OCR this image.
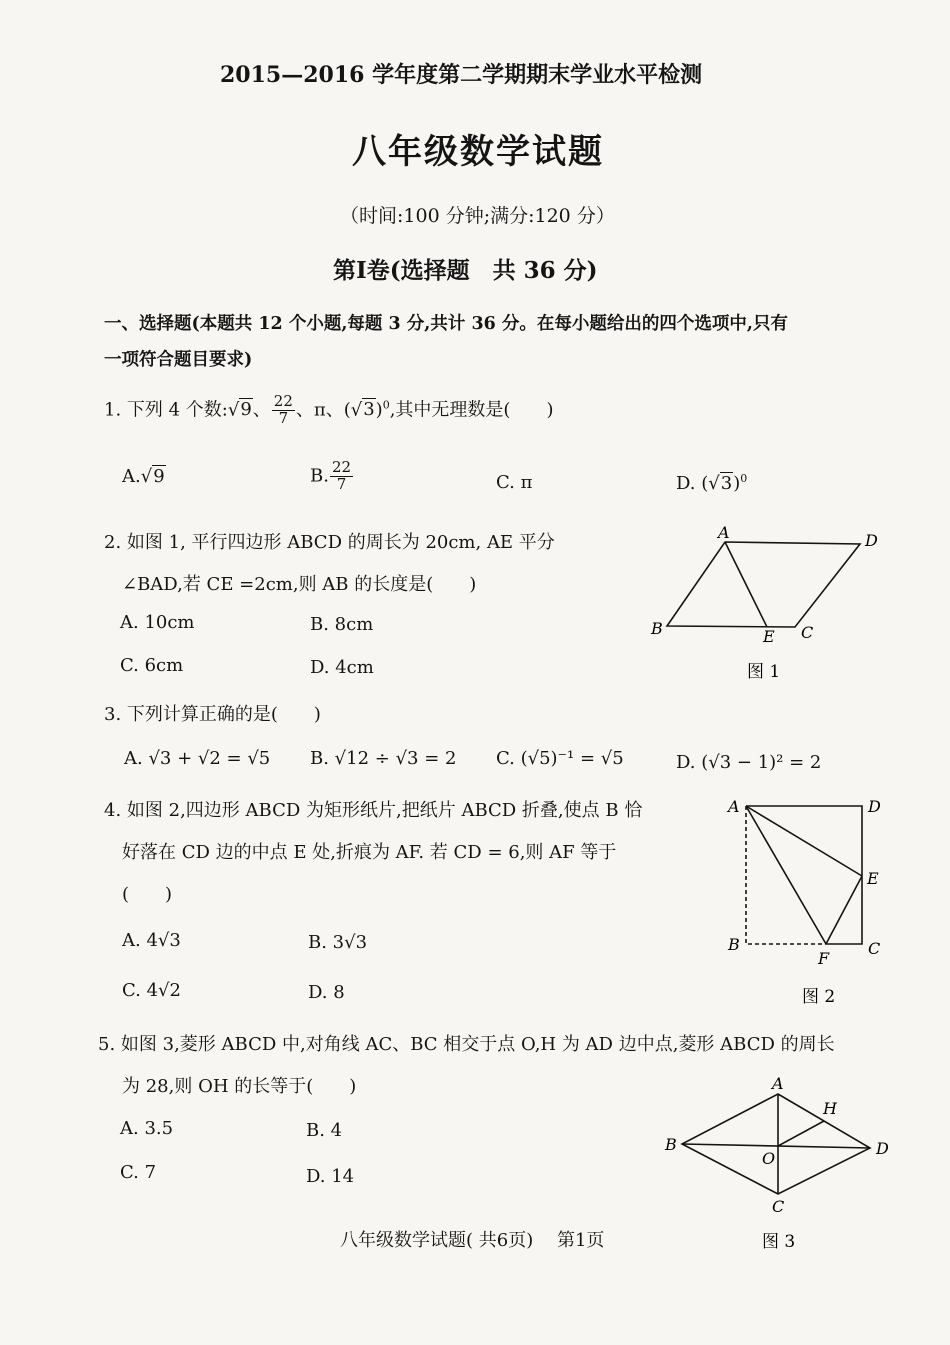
2015—2016 学年度第二学期期末学业水平检测
八年级数学试题
（时间:100 分钟;满分:120 分）
第Ⅰ卷(选择题　共 36 分)
一、选择题(本题共 12 个小题,每题 3 分,共计 36 分。在每小题给出的四个选项中,只有
一项符合题目要求)
1. 下列 4 个数:√9、 $\frac{22}{7}$ 、π、$(√3)^0$,其中无理数是(　　)
A.√9	B. $\frac{22}{7}$	C. π	D. $(√3)^0$
2. 如图 1, 平行四边形 ABCD 的周长为 20cm, AE 平分
∠BAD,若 CE =2cm,则 AB 的长度是(　　)
A. 10cm	B. 8cm
C. 6cm	D. 4cm
A	D
B	E C
图 1
3. 下列计算正确的是(　　)
A. √3 + √2 = √5 B. √12 ÷ √3 = 2 C. (√5)⁻¹ = √5	D. (√3 − 1)² = 2
4. 如图 2,四边形 ABCD 为矩形纸片,把纸片 ABCD 折叠,使点 B 恰
好落在 CD 边的中点 E 处,折痕为 AF. 若 CD = 6,则 AF 等于
(　　)
A. 4√3	B. 3√3
C. 4√2	D. 8
A	D
E
B	C
F
图 2
5. 如图 3,菱形 ABCD 中,对角线 AC、BC 相交于点 O,H 为 AD 边中点,菱形 ABCD 的周长
为 28,则 OH 的长等于(　　)
A. 3.5	B. 4
C. 7	D. 14
A
H
B	D
O
C
图 3
八年级数学试题( 共6页)　 第1页
